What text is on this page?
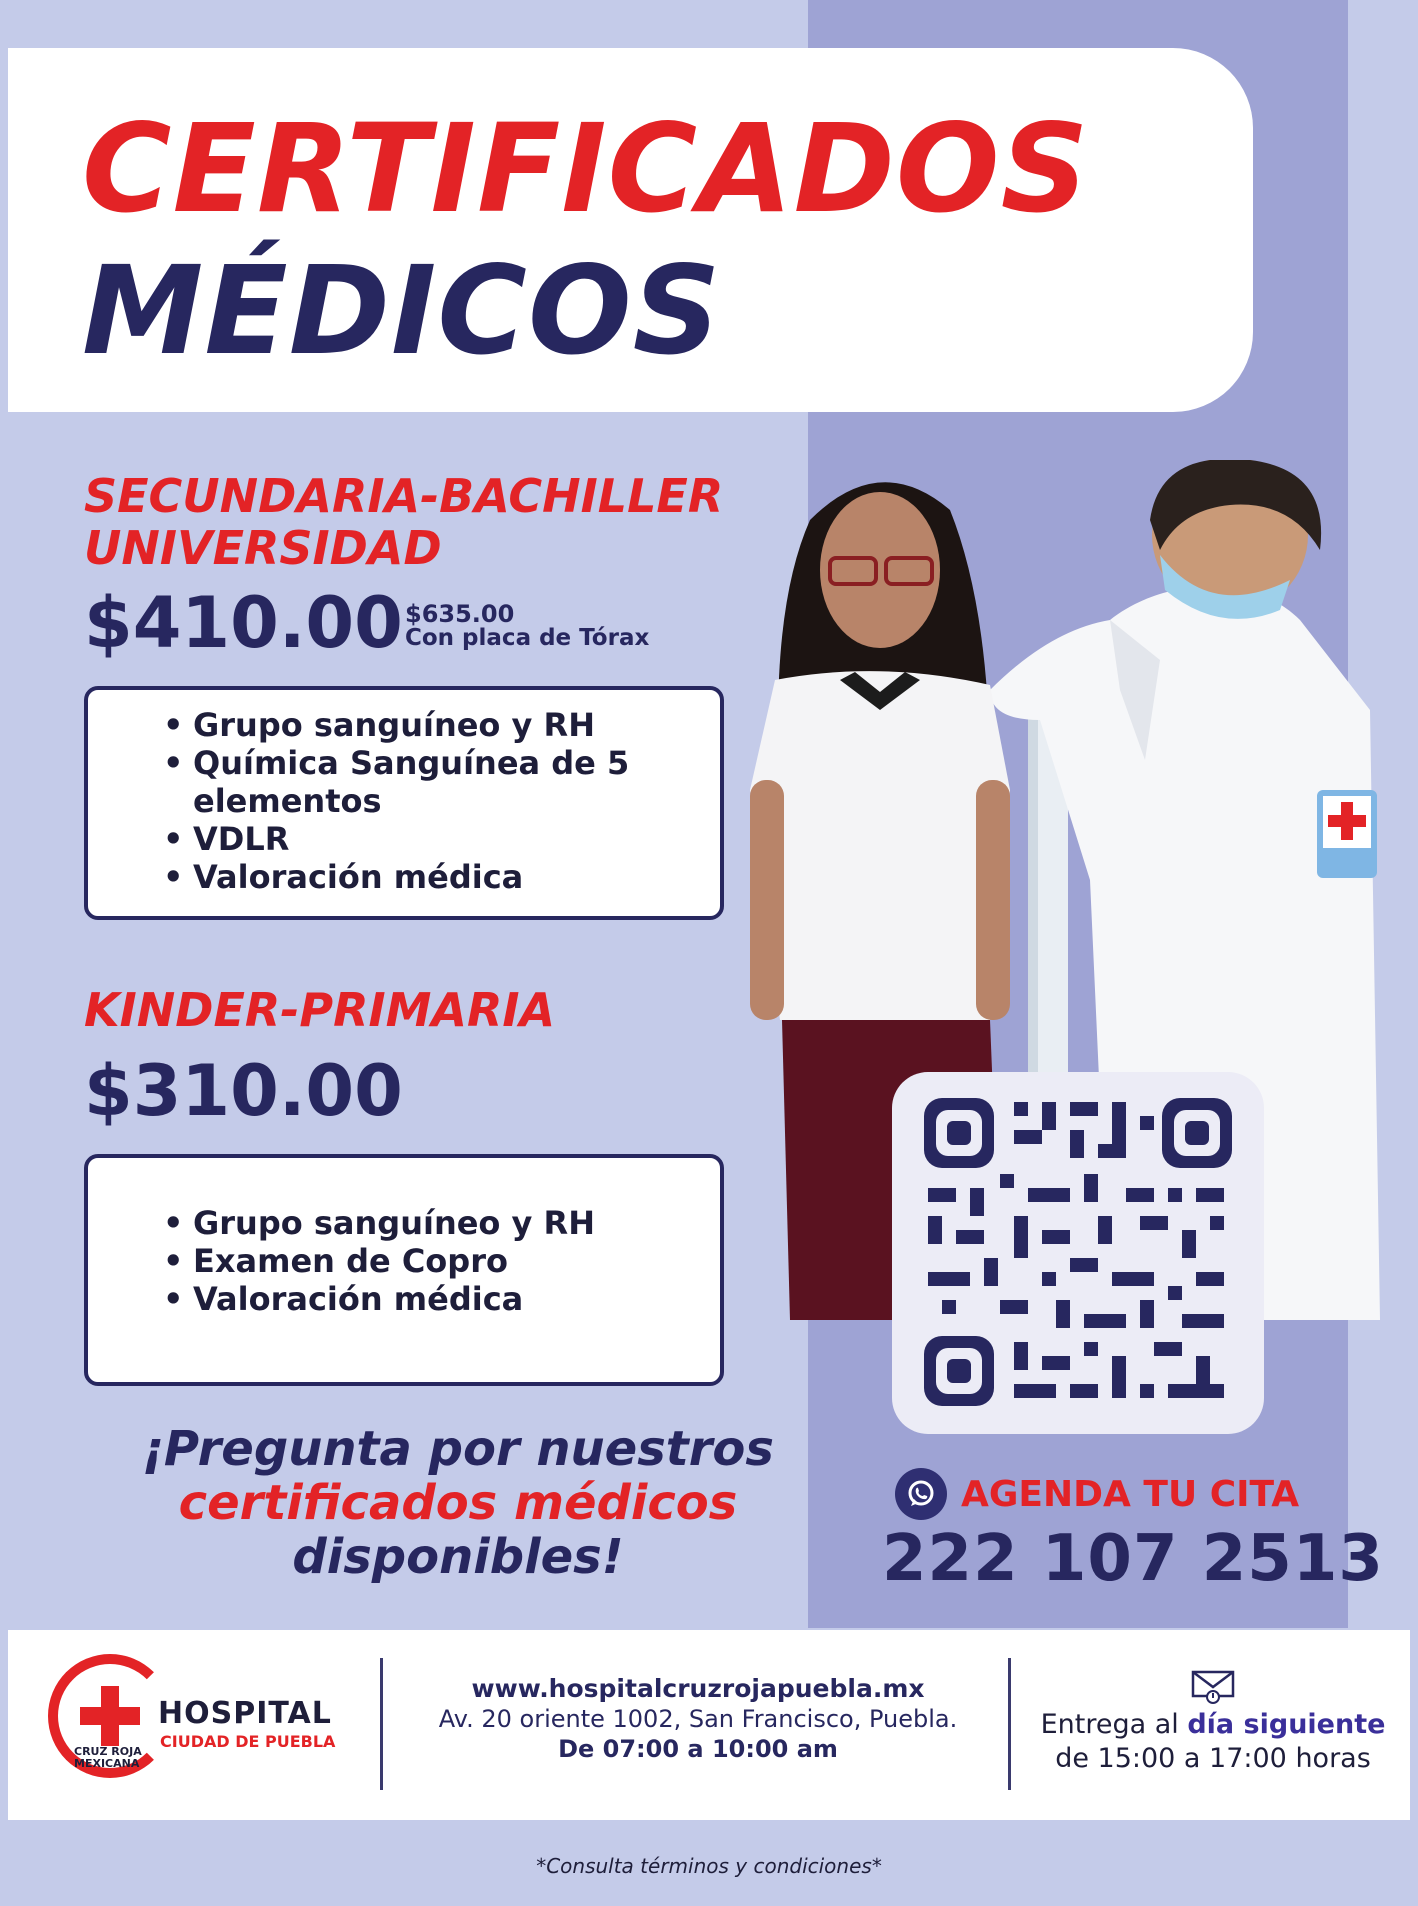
CERTIFICADOS
MÉDICOS
SECUNDARIA-BACHILLER
UNIVERSIDAD
$410.00 $635.00
Con placa de Tórax
• Grupo sanguíneo y RH
• Química Sanguínea de 5 elementos
• VDLR
• Valoración médica
KINDER-PRIMARIA
$310.00
• Grupo sanguíneo y RH
• Examen de Copro
• Valoración médica
¡Pregunta por nuestros
certificados médicos
disponibles!
AGENDA TU CITA
222 107 2513
CRUZ ROJA
MEXICANA
HOSPITAL
CIUDAD DE PUEBLA
www.hospitalcruzrojapuebla.mx
Av. 20 oriente 1002, San Francisco, Puebla.
De 07:00 a 10:00 am
Entrega al día siguiente
de 15:00 a 17:00 horas
*Consulta términos y condiciones*
